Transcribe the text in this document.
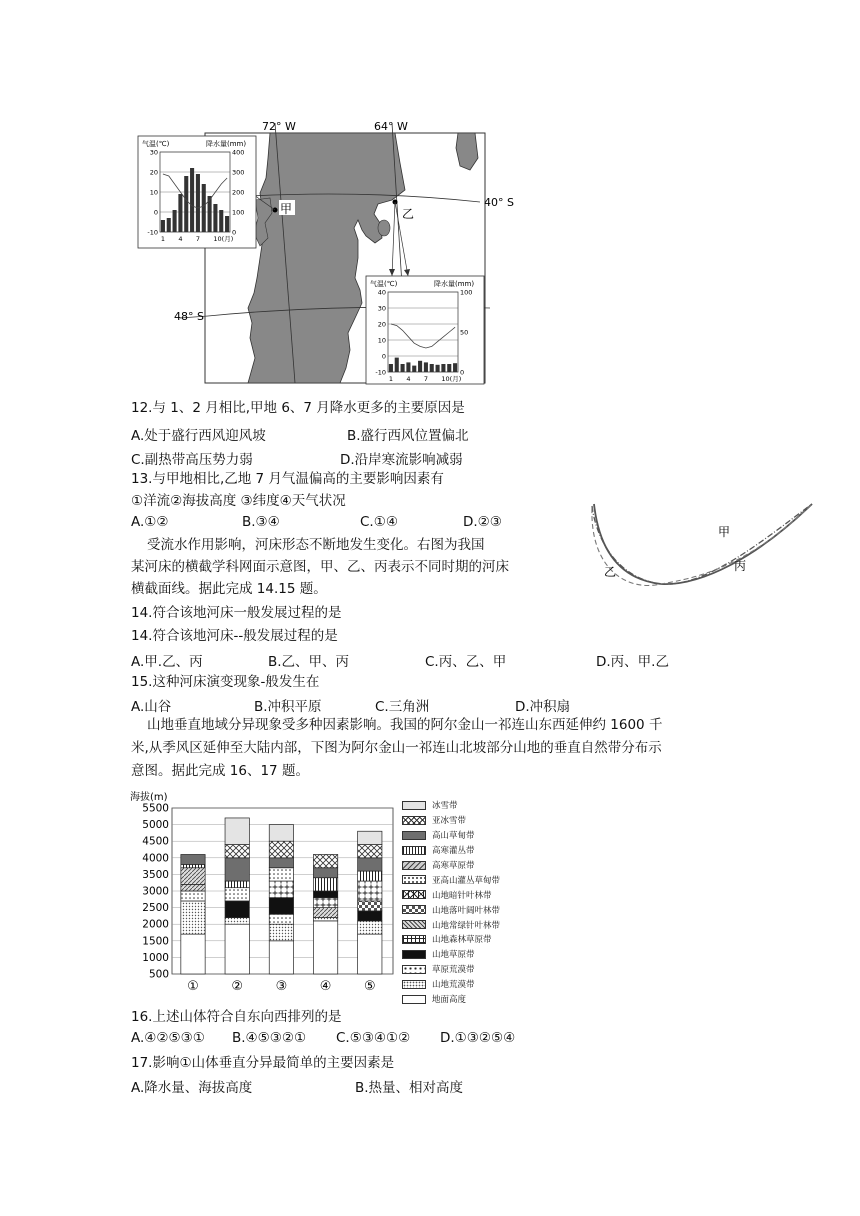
72° W	64° W
40° S
48° S
甲	乙
气温(℃)	降水量(mm)
30
20
10
0
-10
400
300
200
100
0
1 4 7 10(月)
气温(℃)	降水量(mm)
40
30
20
10
0
-10
100
50
0
1 4 7 10(月)
12.与 1、2 月相比,甲地 6、7 月降水更多的主要原因是
A.处于盛行西风迎风坡	B.盛行西风位置偏北
C.副热带高压势力弱	D.沿岸寒流影响减弱
13.与甲地相比,乙地 7 月气温偏高的主要影响因素有
①洋流②海拔高度 ③纬度④天气状况
A.①②	B.③④	C.①④	D.②③
甲
乙	丙
受流水作用影响，河床形态不断地发生变化。右图为我国
某河床的横截学科网面示意图，甲、乙、丙表示不同时期的河床
横截面线。据此完成 14.15 题。
14.符合该地河床一般发展过程的是
14.符合该地河床--般发展过程的是
A.甲.乙、丙	B.乙、甲、丙	C.丙、乙、甲	D.丙、甲.乙
15.这种河床演变现象-般发生在
A.山谷	B.冲积平原	C.三角洲	D.冲积扇
山地垂直地域分异现象受多种因素影响。我国的阿尔金山一祁连山东西延伸约 1600 千
米,从季风区延伸至大陆内部，下图为阿尔金山一祁连山北坡部分山地的垂直自然带分布示
意图。据此完成 16、17 题。
海拔(m)
5500
5000
4500
4000
3500
3000
2500
2000
1500
1000
500
①	②	③	④	⑤
冰雪带
亚冰雪带
高山草甸带
高寒灌丛带
高寒草原带
亚高山灌丛草甸带
山地暗针叶林带
山地落叶阔叶林带
山地常绿针叶林带
山地森林草原带
山地草原带
草原荒漠带
山地荒漠带
地面高度
16.上述山体符合自东向西排列的是
A.④②⑤③① B.④⑤③②① C.⑤③④①② D.①③②⑤④
17.影响①山体垂直分异最简单的主要因素是
A.降水量、海拔高度	B.热量、相对高度
